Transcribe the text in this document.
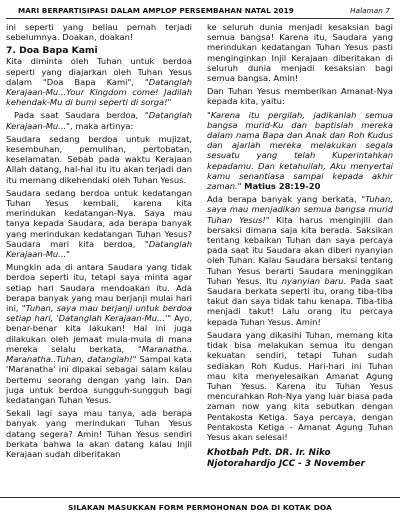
MARI BERPARTISIPASI DALAM AMPLOP PERSEMBAHAN NATAL 2019	Halaman 7

ini seperti yang beliau pernah terjadi sebelumnya. Doakan, doakan!

7. Doa Bapa Kami

Kita diminta oleh Tuhan untuk berdoa seperti yang diajarkan oleh Tuhan Yesus dalam "Doa Bapa Kami", "Datanglah Kerajaan-Mu...Your Kingdom come! Jadilah kehendak-Mu di bumi seperti di sorga!"

Pada saat Saudara berdoa, "Datanglah Kerajaan-Mu...", maka artinya:

Saudara sedang berdoa untuk mujizat, kesembuhan, pemulihan, pertobatan, keselamatan. Sebab pada waktu Kerajaan Allah datang, hal-hal itu itu akan terjadi dan itu memang dikehendaki oleh Tuhan Yesus.

Saudara sedang berdoa untuk kedatangan Tuhan Yesus kembali, karena kita merindukan kedatangan-Nya. Saya mau tanya kepada Saudara, ada berapa banyak yang merindukan kedatangan Tuhan Yesus? Saudara mari kita berdoa, "Datanglah Kerajaan-Mu..."

Mungkin ada di antara Saudara yang tidak berdoa seperti itu, tetapi saya minta agar setiap hari Saudara mendoakan itu. Ada berapa banyak yang mau berjanji mulai hari ini, "Tuhan, saya mau berjanji untuk berdoa setiap hari, 'Datanglah Kerajaan-Mu...'" Ayo, benar-benar kita lakukan! Hal ini juga dilakukan oleh jemaat mula-mula di mana mereka selalu berkata, "Maranatha.. Maranatha..Tuhan, datanglah!" Sampai kata 'Maranatha' ini dipakai sebagai salam kalau bertemu seorang dengan yang lain. Dan juga untuk berdoa sungguh-sungguh bagi kedatangan Tuhan Yesus.

Sekali lagi saya mau tanya, ada berapa banyak yang merindukan Tuhan Yesus datang segera? Amin! Tuhan Yesus sendiri berkata bahwa la akan datang kalau Injil Kerajaan sudah diberitakan

ke seluruh dunia menjadi kesaksian bagi semua bangsa! Karena itu, Saudara yang merindukan kedatangan Tuhan Yesus pasti menginginkan Injil Kerajaan diberitakan di seluruh dunia menjadi kesaksian bagi semua bangsa. Amin!

Dan Tuhan Yesus memberikan Amanat-Nya kepada kita, yaitu:

"Karena itu pergilah, jadikanlah semua bangsa murid-Ku dan baptislah mereka dalam nama Bapa dan Anak dan Roh Kudus dan ajarlah mereka melakukan segala sesuatu yang telah Kuperintahkan kepadamu. Dan ketahuilah, Aku menyertai kamu senantiasa sampai kepada akhir zaman." Matius 28:19-20

Ada berapa banyak yang berkata, "Tuhan, saya mau menjadikan semua bangsa murid Tuhan Yesus!" Kita harus menginjili dan bersaksi dimana saja kita berada. Saksikan tentang kebaikan Tuhan dan saya percaya pada saat itu Saudara akan diberi nyanyian oleh Tuhan. Kalau Saudara bersaksi tentang Tuhan Yesus berarti Saudara meninggikan Tuhan Yesus. Itu nyanyian baru. Pada saat Saudara berkata seperti itu, orang tiba-tiba takut dan saya tidak tahu kenapa. Tiba-tiba menjadi takut! Lalu orang itu percaya kepada Tuhan Yesus. Amin!

Saudara yang dikasihi Tuhan, memang kita tidak bisa melakukan semua itu dengan kekuatan sendiri, tetapi Tuhan sudah sediakan Roh Kudus. Hari-hari ini Tuhan mau kita menyelesaikan Amanat Agung Tuhan Yesus. Karena itu Tuhan Yesus mencurahkan Roh-Nya yang luar biasa pada zaman now yang kita sebutkan dengan Pentakosta Ketiga. Saya percaya, dengan Pentakosta Ketiga - Amanat Agung Tuhan Yesus akan selesai!

Khotbah Pdt. DR. Ir. Niko
Njotorahardjo JCC - 3 November
SILAKAN MASUKKAN FORM PERMOHONAN DOA DI KOTAK DOA
